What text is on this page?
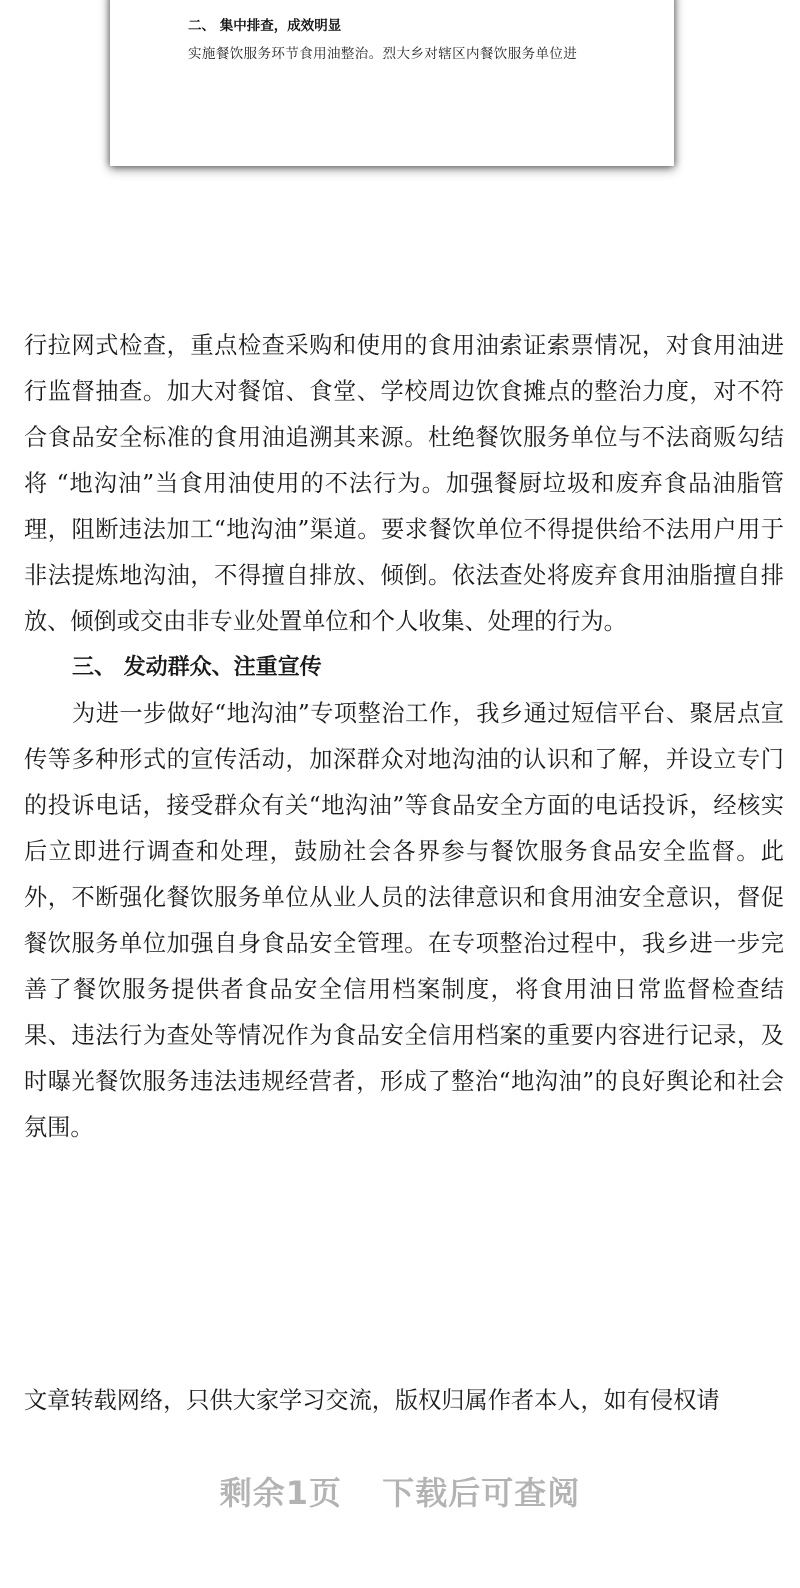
二、 集中排查，成效明显
实施餐饮服务环节食用油整治。烈大乡对辖区内餐饮服务单位进

行拉网式检查，重点检查采购和使用的食用油索证索票情况，对食用油进行监督抽查。加大对餐馆、食堂、学校周边饮食摊点的整治力度，对不符合食品安全标准的食用油追溯其来源。杜绝餐饮服务单位与不法商贩勾结将 “地沟油”当食用油使用的不法行为。加强餐厨垃圾和废弃食品油脂管理，阻断违法加工“地沟油”渠道。要求餐饮单位不得提供给不法用户用于非法提炼地沟油，不得擅自排放、倾倒。依法查处将废弃食用油脂擅自排放、倾倒或交由非专业处置单位和个人收集、处理的行为。

三、 发动群众、注重宣传

为进一步做好“地沟油”专项整治工作，我乡通过短信平台、聚居点宣传等多种形式的宣传活动，加深群众对地沟油的认识和了解，并设立专门的投诉电话，接受群众有关“地沟油”等食品安全方面的电话投诉，经核实后立即进行调查和处理，鼓励社会各界参与餐饮服务食品安全监督。此外，不断强化餐饮服务单位从业人员的法律意识和食用油安全意识，督促餐饮服务单位加强自身食品安全管理。在专项整治过程中，我乡进一步完善了餐饮服务提供者食品安全信用档案制度，将食用油日常监督检查结果、违法行为查处等情况作为食品安全信用档案的重要内容进行记录，及时曝光餐饮服务违法违规经营者，形成了整治“地沟油”的良好舆论和社会氛围。

文章转载网络，只供大家学习交流，版权归属作者本人，如有侵权请
剩余1页 下载后可查阅
